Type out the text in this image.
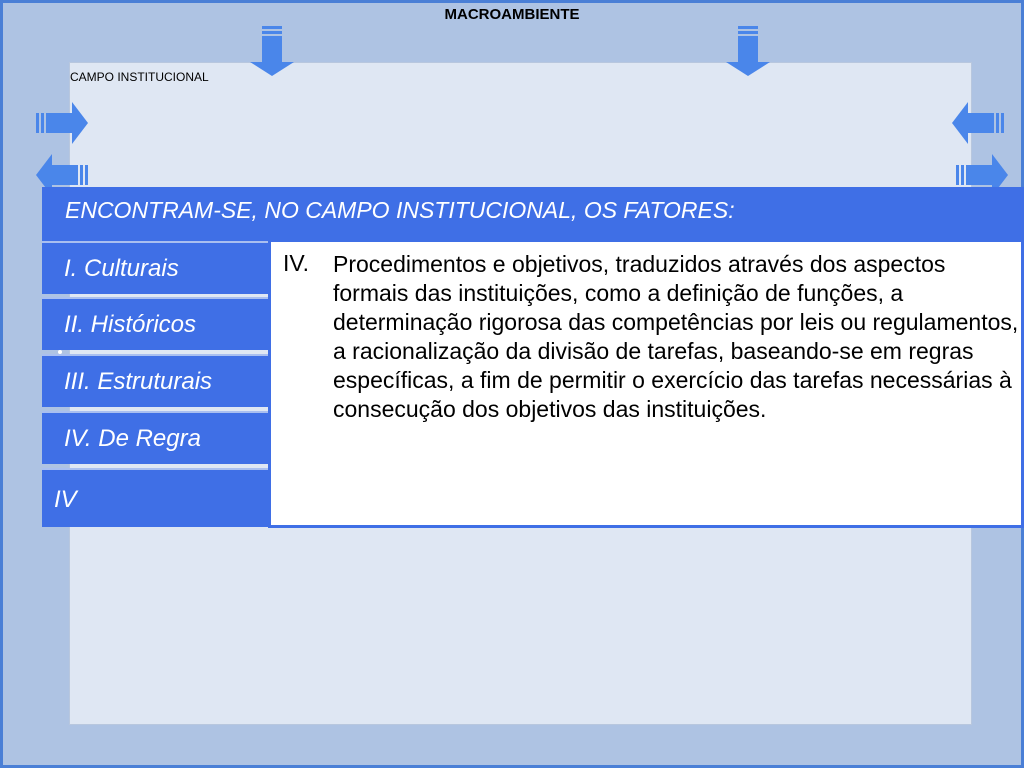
MACROAMBIENTE
CAMPO INSTITUCIONAL
ENCONTRAM-SE, NO CAMPO INSTITUCIONAL, OS FATORES:
I. Culturais
II. Históricos
III. Estruturais
IV. De Regra
IV
IV. Procedimentos e objetivos, traduzidos através dos aspectos formais das instituições, como a definição de funções, a determinação rigorosa das competências por leis ou regulamentos, a racionalização da divisão de tarefas, baseando-se em regras específicas, a fim de permitir o exercício das tarefas necessárias à consecução dos objetivos das instituições.
